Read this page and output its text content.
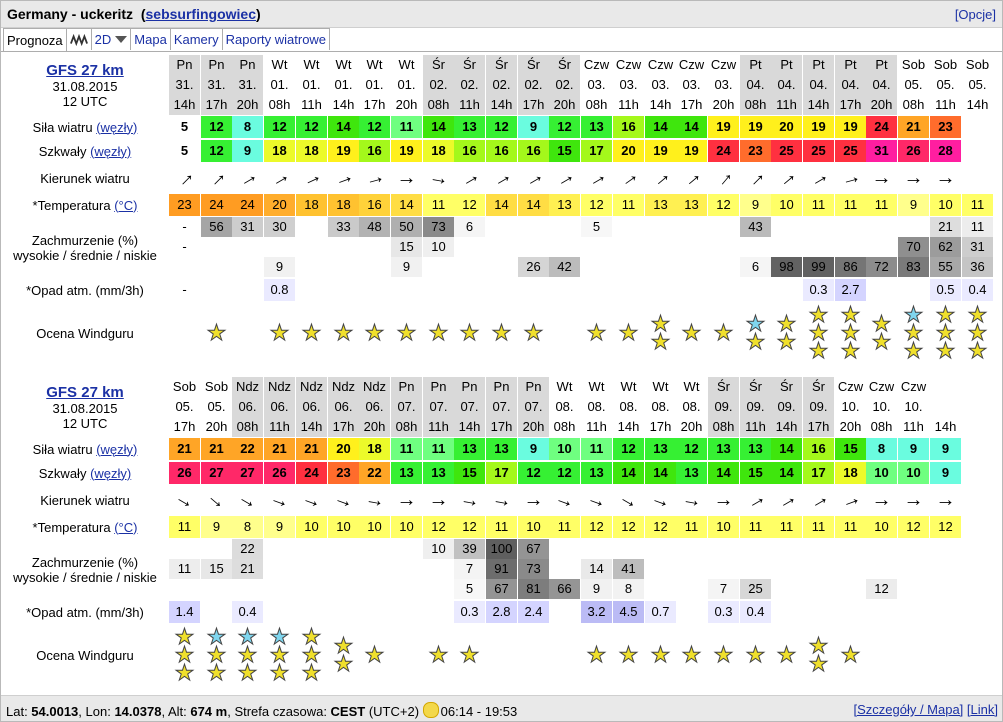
Germany - uckeritz  (sebsurfingowiec)	[Opcje]
Prognoza 2D Mapa Kamery Raporty wiatrowe
GFS 27 km
31.08.2015
12 UTC
Siła wiatru (węzły)
Szkwały (węzły)
Kierunek wiatru
*Temperatura (°C)
Zachmurzenie (%)
wysokie / średnie / niskie
*Opad atm. (mm/3h)
Ocena Windguru
Pn
31.
14h
5
5
→
23
-
-
-
Pn
31.
17h
12
12
→
24
56
★
Pn
31.
20h
8
9
→
24
31
Wt
01.
08h
12
18
→
20
30
9
0.8
★
Wt
01.
11h
12
18
→
18
★
Wt
01.
14h
14
19
→
18
33
★
Wt
01.
17h
12
16
→
16
48
★
Wt
01.
20h
11
19
→
14
50
15
9
★
Śr
02.
08h
14
18
→
11
73
10
★
Śr
02.
11h
13
16
→
12
6
★
Śr
02.
14h
12
16
→
14
★
Śr
02.
17h
9
16
→
14
26
★
Śr
02.
20h
12
15
→
13
42
Czw
03.
08h
13
17
→
12
5
★
Czw
03.
11h
16
20
→
11
★
Czw
03.
14h
14
19
→
13
★
★
Czw
03.
17h
14
19
→
13
★
Czw
03.
20h
19
24
→
12
★
Pt
04.
08h
19
23
→
9
43
6
★
★
Pt
04.
11h
20
25
→
10
98
★
★
Pt
04.
14h
19
25
→
11
99
0.3
★
★
★
Pt
04.
17h
19
25
→
11
86
2.7
★
★
★
Pt
04.
20h
24
31
→
11
72
★
★
Sob
05.
08h
21
26
→
9
70
83
★
★
★
Sob
05.
11h
23
28
→
10
21
62
55
0.5
★
★
★
Sob
05.
14h
11
11
31
36
0.4
★
★
★
GFS 27 km
31.08.2015
12 UTC
Siła wiatru (węzły)
Szkwały (węzły)
Kierunek wiatru
*Temperatura (°C)
Zachmurzenie (%)
wysokie / średnie / niskie
*Opad atm. (mm/3h)
Ocena Windguru
Sob
05.
17h
21
26
→
11
11
1.4
★
★
★
Sob
05.
20h
21
27
→
9
15
★
★
★
Ndz
06.
08h
22
27
→
8
22
21
0.4
★
★
★
Ndz
06.
11h
21
26
→
9
★
★
★
Ndz
06.
14h
21
24
→
10
★
★
★
Ndz
06.
17h
20
23
→
10
★
★
Ndz
06.
20h
18
22
→
10
★
Pn
07.
08h
11
13
→
10
Pn
07.
11h
11
13
→
12
10
★
Pn
07.
14h
13
15
→
12
39
7
5
0.3
★
Pn
07.
17h
13
17
→
11
100
91
67
2.8
Pn
07.
20h
9
12
→
10
67
73
81
2.4
Wt
08.
08h
10
12
→
11
66
Wt
08.
11h
11
13
→
12
14
9
3.2
★
Wt
08.
14h
12
14
→
12
41
8
4.5
★
Wt
08.
17h
13
14
→
12
0.7
★
Wt
08.
20h
12
13
→
11
★
Śr
09.
08h
13
14
→
10
7
0.3
★
Śr
09.
11h
13
15
→
11
25
0.4
★
Śr
09.
14h
14
14
→
11
★
Śr
09.
17h
16
17
→
11
★
★
Czw
10.
20h
15
18
→
11
★
Czw
10.
08h
8
10
→
10
12
Czw
10.
11h
9
10
→
12
14h
9
9
→
12
Lat: 54.0013, Lon: 14.0378, Alt: 674 m, Strefa czasowa: CEST (UTC+2) 06:14 - 19:53	[Szczegóły / Mapa] [Link]
